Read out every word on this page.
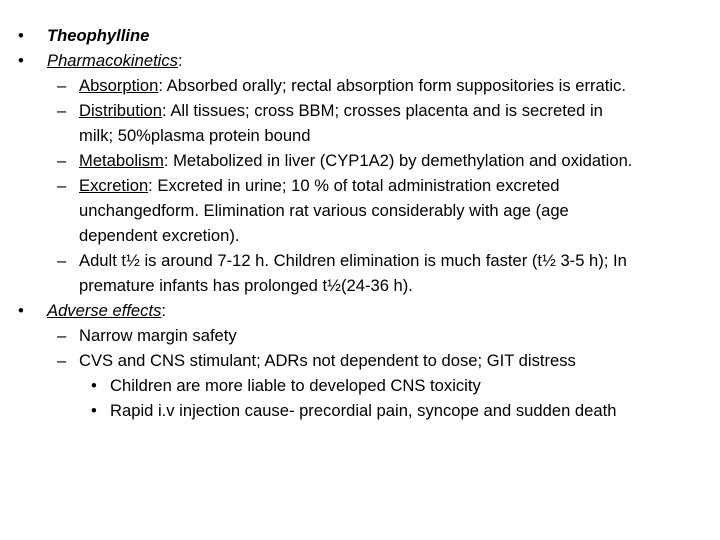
• Theophylline
• Pharmacokinetics:
– Absorption: Absorbed orally; rectal absorption form suppositories is erratic.
– Distribution: All tissues; cross BBM; crosses placenta and is secreted in
milk; 50%plasma protein bound
– Metabolism: Metabolized in liver (CYP1A2) by demethylation and oxidation.
– Excretion: Excreted in urine; 10 % of total administration excreted
unchangedform. Elimination rat various considerably with age (age
dependent excretion).
– Adult t½ is around 7-12 h. Children elimination is much faster (t½ 3-5 h); In
premature infants has prolonged t½(24-36 h).
• Adverse effects:
– Narrow margin safety
– CVS and CNS stimulant; ADRs not dependent to dose; GIT distress
• Children are more liable to developed CNS toxicity
• Rapid i.v injection cause- precordial pain, syncope and sudden death
